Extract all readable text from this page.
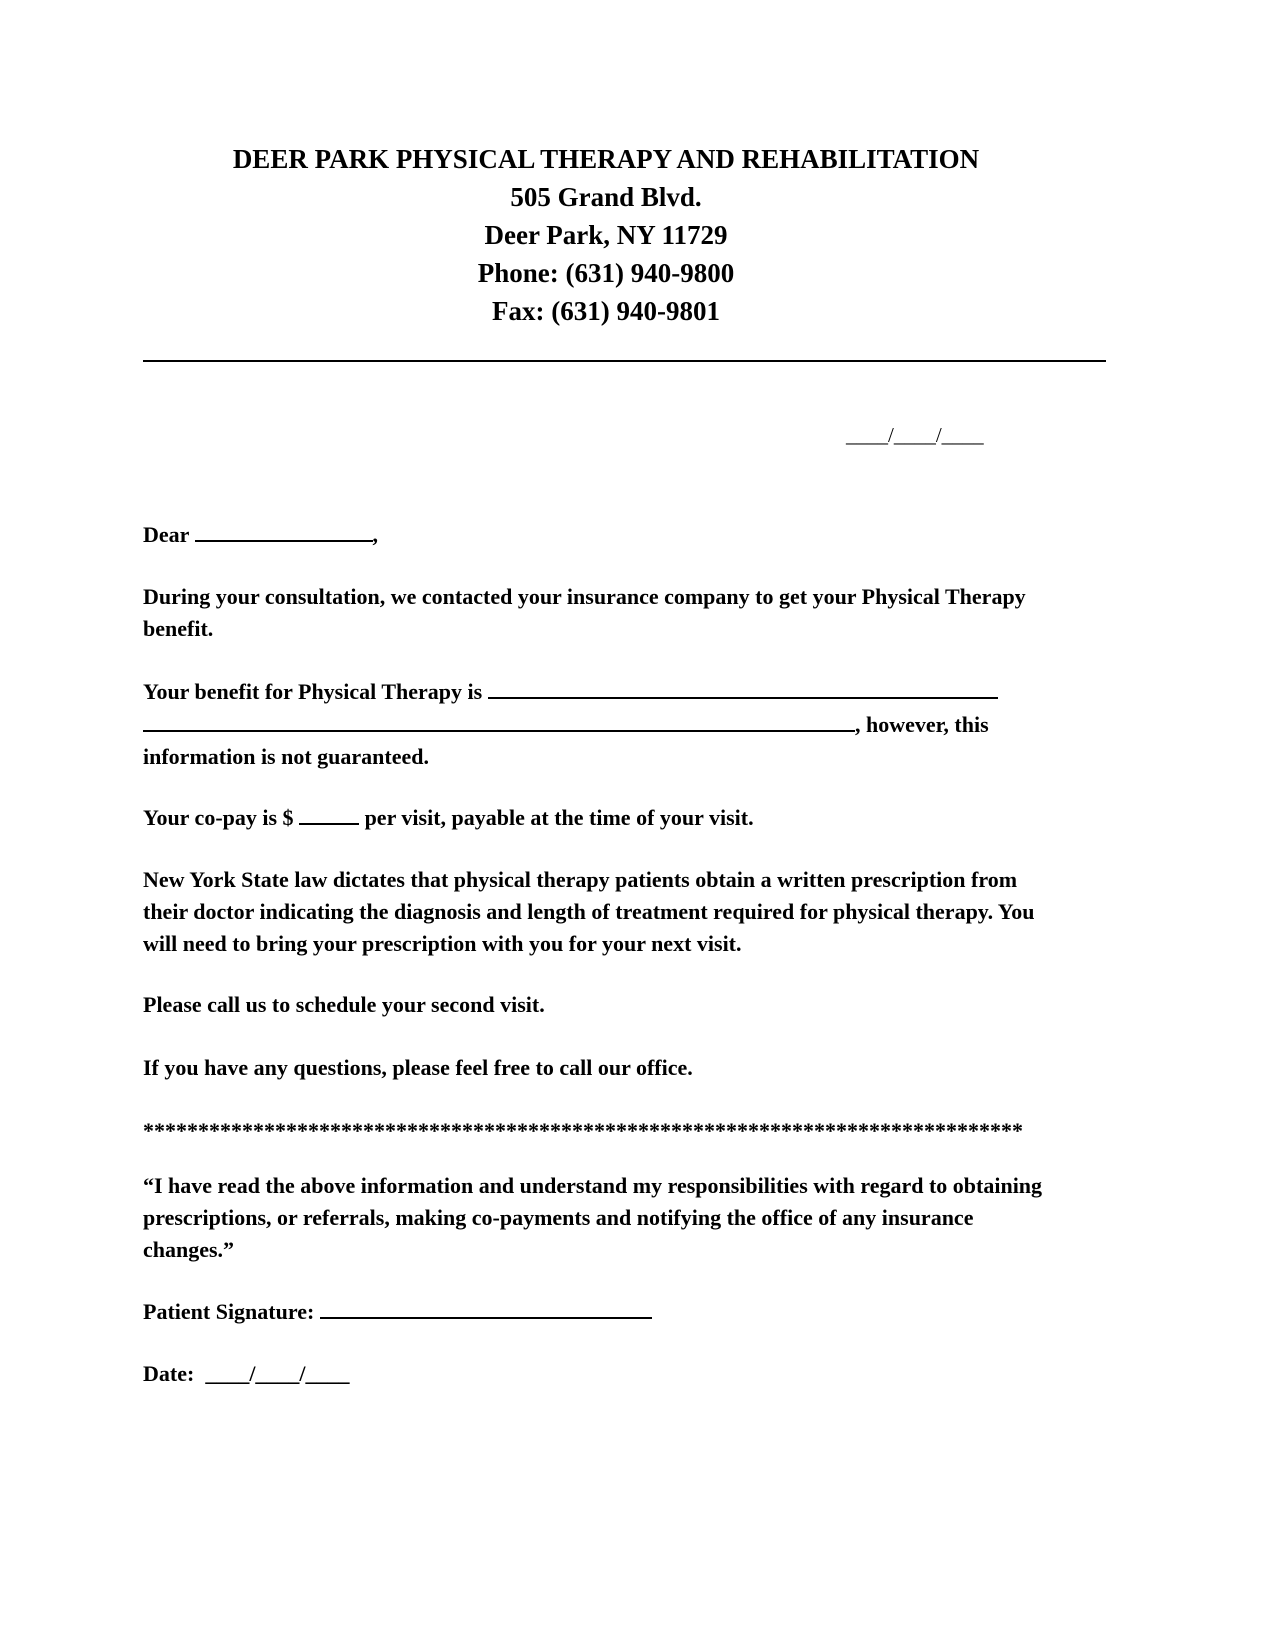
DEER PARK PHYSICAL THERAPY AND REHABILITATION
505 Grand Blvd.
Deer Park, NY 11729
Phone: (631) 940-9800
Fax: (631) 940-9801
____/____/____
Dear	,
During your consultation, we contacted your insurance company to get your Physical Therapy benefit.
Your benefit for Physical Therapy is
, however, this information is not guaranteed.
Your co-pay is $	per visit, payable at the time of your visit.
New York State law dictates that physical therapy patients obtain a written prescription from their doctor indicating the diagnosis and length of treatment required for physical therapy. You will need to bring your prescription with you for your next visit.
Please call us to schedule your second visit.
If you have any questions, please feel free to call our office.
********************************************************************************
“I have read the above information and understand my responsibilities with regard to obtaining prescriptions, or referrals, making co-payments and notifying the office of any insurance changes.”
Patient Signature:
Date: ____/____/____
